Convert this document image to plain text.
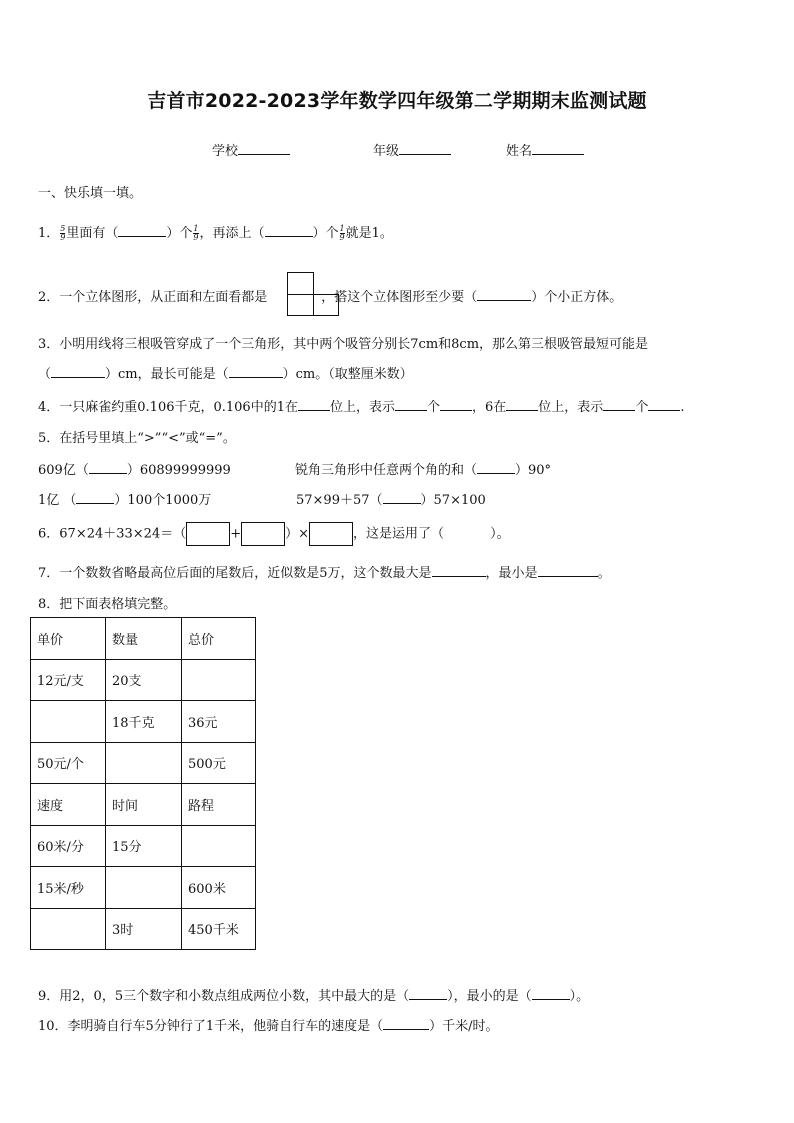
吉首市2022-2023学年数学四年级第二学期期末监测试题
学校	年级	姓名
一、快乐填一填。
1． $\frac{5}{9}$ 里面有（	）个 $\frac{1}{9}$ ，再添上（	）个 $\frac{1}{9}$ 就是1。
2．一个立体图形，从正面和左面看都是	，搭这个立体图形至少要（	）个小正方体。
3．小明用线将三根吸管穿成了一个三角形，其中两个吸管分别长7cm和8cm，那么第三根吸管最短可能是
（	）cm，最长可能是（	）cm。（取整厘米数）
4．一只麻雀约重0.106千克，0.106中的1在 位上，表示 个 ，6在 位上，表示 个 .
5．在括号里填上“>”“<”或“=”。
609亿（	）60899999999	锐角三角形中任意两个角的和（	）90°
1亿 （	）100个1000万	57×99＋57（	）57×100
6．67×24＋33×24＝（	+	）×	，这是运用了（	）。
7．一个数数省略最高位后面的尾数后，近似数是5万，这个数最大是	，最小是	。
8．把下面表格填完整。
单价	数量	总价
12元/支	20支	
	18千克	36元
50元/个		500元
速度	时间	路程
60米/分	15分	
15米/秒		600米
	3时	450千米
9．用2，0，5三个数字和小数点组成两位小数，其中最大的是（	），最小的是（	）。
10．李明骑自行车5分钟行了1千米，他骑自行车的速度是（	）千米/时。
